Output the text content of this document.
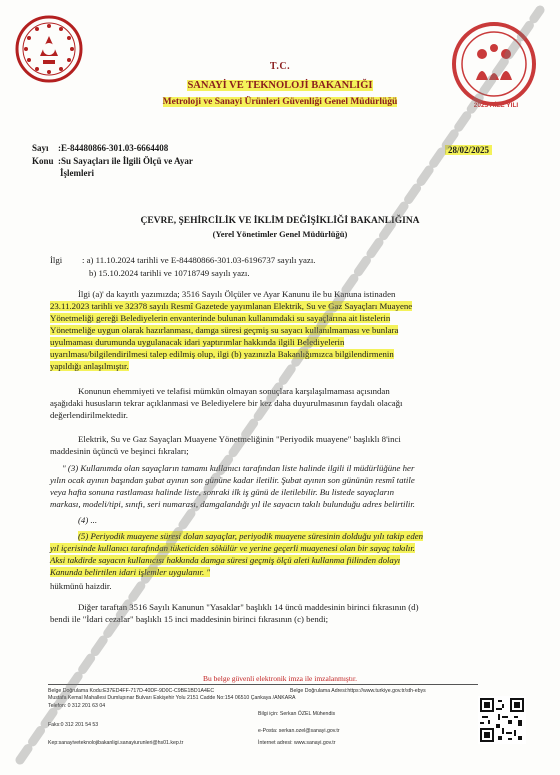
T.C.
SANAYİ VE TEKNOLOJİ BAKANLIĞI
Metroloji ve Sanayi Ürünleri Güvenliği Genel Müdürlüğü	2025 AİLE YILI
Sayı :E-84480866-301.03-6664408
Konu :Su Sayaçları ile İlgili Ölçü ve Ayar
İşlemleri
28/02/2025
ÇEVRE, ŞEHİRCİLİK VE İKLİM DEĞİŞİKLİĞİ BAKANLIĞINA
(Yerel Yönetimler Genel Müdürlüğü)
İlgi : a) 11.10.2024 tarihli ve E-84480866-301.03-6196737 sayılı yazı.
b) 15.10.2024 tarihli ve 10718749 sayılı yazı.
İlgi (a)' da kayıtlı yazımızda; 3516 Sayılı Ölçüler ve Ayar Kanunu ile bu Kanuna istinaden
23.11.2023 tarihli ve 32378 sayılı Resmî Gazetede yayımlanan Elektrik, Su ve Gaz Sayaçları Muayene
Yönetmeliği gereği Belediyelerin envanterinde bulunan kullanımdaki su sayaçlarına ait listelerin
Yönetmeliğe uygun olarak hazırlanması, damga süresi geçmiş su sayacı kullanılmaması ve bunlara
uyulmaması durumunda uygulanacak idari yaptırımlar hakkında ilgili Belediyelerin
uyarılması/bilgilendirilmesi talep edilmiş olup, ilgi (b) yazınızla Bakanlığımızca bilgilendirmenin
yapıldığı anlaşılmıştır.
Konunun ehemmiyeti ve telafisi mümkün olmayan sonuçlara karşılaşılmaması açısından
aşağıdaki hususların tekrar açıklanmasi ve Belediyelere bir kez daha duyurulmasının faydalı olacağı
değerlendirilmektedir.
Elektrik, Su ve Gaz Sayaçları Muayene Yönetmeliğinin "Periyodik muayene" başlıklı 8'inci
maddesinin üçüncü ve beşinci fıkraları;
" (3) Kullanımda olan sayaçların tamamı kullanıcı tarafından liste halinde ilgili il müdürlüğüne her
yılın ocak ayının başından şubat ayının son gününe kadar iletilir. Şubat ayının son gününün resmî tatile
veya hafta sonuna rastlaması halinde liste, sonraki ilk iş günü de iletilebilir. Bu listede sayaçların
markası, modeli/tipi, sınıfı, seri numarası, damgalandığı yıl ile sayacın takılı bulunduğu adres belirtilir.
(4) ...
(5) Periyodik muayene süresi dolan sayaçlar, periyodik muayene süresinin dolduğu yılı takip eden
yıl içerisinde kullanıcı tarafından tüketiciden sökülür ve yerine geçerli muayenesi olan bir sayaç takılır.
Aksi takdirde sayacın kullanıcısı hakkında damga süresi geçmiş ölçü aleti kullanma fiilinden dolayı
Kanunda belirtilen idari işlemler uygulanır. "
hükmünü haizdir.
Diğer taraftan 3516 Sayılı Kanunun "Yasaklar" başlıklı 14 üncü maddesinin birinci fıkrasının (d)
bendi ile "İdari cezalar" başlıklı 15 inci maddesinin birinci fıkrasının (c) bendi;
Bu belge güvenli elektronik imza ile imzalanmıştır.
Belge Doğrulama Kodu:E37ED4FF-717D-40DF-9D0C-C9BE1BD1A4EC	Belge Doğrulama Adresi:https://www.turkiye.gov.tr/sth-ebys
Mustafa Kemal Mahallesi Dumlupınar Bulvarı Eskişehir Yolu 2151 Cadde No:154 06510 Çankaya /ANKARA
Telefon: 0 312 201 63 04
Bilgi için: Serkan ÖZEL Mühendis
Faks:0 312 201 54 53
e-Posta: serkan.ozel@sanayi.gov.tr
Kep:sanayiveteknolojibakanligi.sanayiurunleri@hs01.kep.tr	İnternet adresi: www.sanayi.gov.tr
